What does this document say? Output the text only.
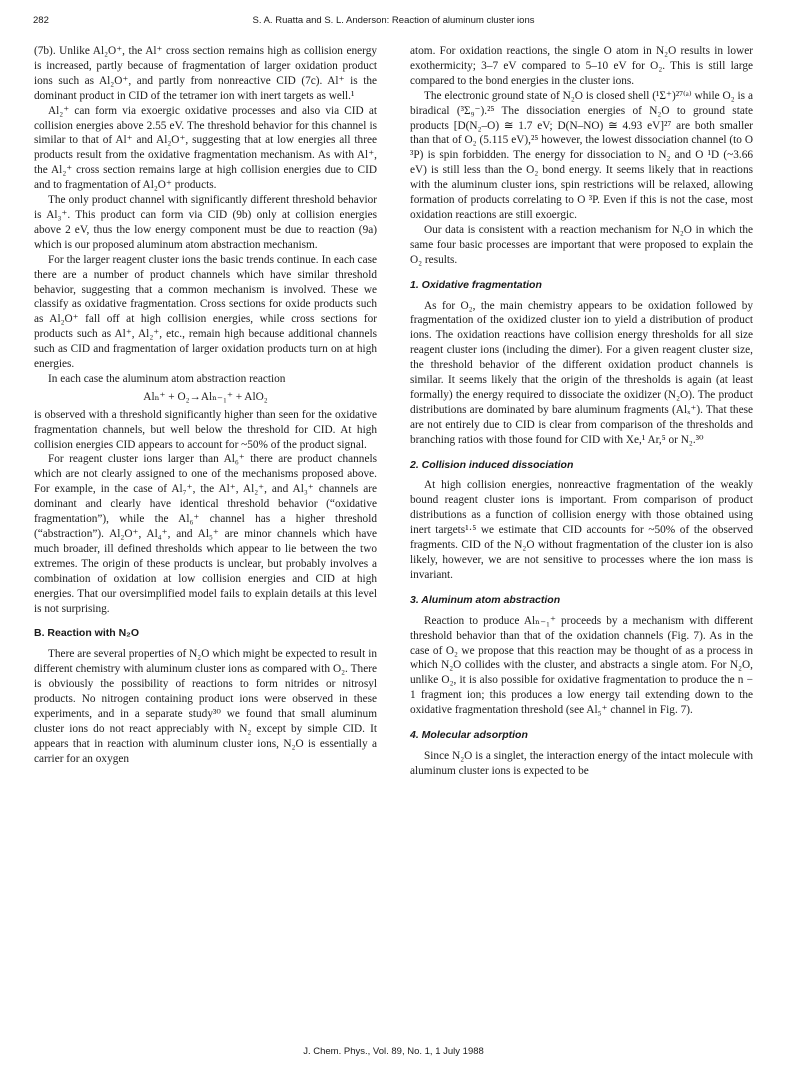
282	S. A. Ruatta and S. L. Anderson: Reaction of aluminum cluster ions

(7b). Unlike Al₂O⁺, the Al⁺ cross section remains high as collision energy is increased, partly because of fragmentation of larger oxidation product ions such as Al₂O⁺, and partly from nonreactive CID (7c). Al⁺ is the dominant product in CID of the tetramer ion with inert targets as well.¹

Al₂⁺ can form via exoergic oxidative processes and also via CID at collision energies above 2.55 eV. The threshold behavior for this channel is similar to that of Al⁺ and Al₂O⁺, suggesting that at low energies all three products result from the oxidative fragmentation mechanism. As with Al⁺, the Al₂⁺ cross section remains large at high collision energies due to CID and to fragmentation of Al₂O⁺ products.

The only product channel with significantly different threshold behavior is Al₃⁺. This product can form via CID (9b) only at collision energies above 2 eV, thus the low energy component must be due to reaction (9a) which is our proposed aluminum atom abstraction mechanism.

For the larger reagent cluster ions the basic trends continue. In each case there are a number of product channels which have similar threshold behavior, suggesting that a common mechanism is involved. These we classify as oxidative fragmentation. Cross sections for oxide products such as Al₂O⁺ fall off at high collision energies, while cross sections for products such as Al⁺, Al₂⁺, etc., remain high because additional channels such as CID and fragmentation of larger oxidation products turn on at high energies.

In each case the aluminum atom abstraction reaction

Alₙ⁺ + O₂→Alₙ₋₁⁺ + AlO₂

is observed with a threshold significantly higher than seen for the oxidative fragmentation channels, but well below the threshold for CID. At high collision energies CID appears to account for ~50% of the product signal.

For reagent cluster ions larger than Al₆⁺ there are product channels which are not clearly assigned to one of the mechanisms proposed above. For example, in the case of Al₇⁺, the Al⁺, Al₂⁺, and Al₃⁺ channels are dominant and clearly have identical threshold behavior (“oxidative fragmentation”), while the Al₆⁺ channel has a higher threshold (“abstraction”). Al₂O⁺, Al₄⁺, and Al₅⁺ are minor channels which have much broader, ill defined thresholds which appear to lie between the two extremes. The origin of these products is unclear, but probably involves a combination of oxidation at low collision energies and CID at high energies. That our oversimplified model fails to explain details at this level is not surprising.

B. Reaction with N₂O

There are several properties of N₂O which might be expected to result in different chemistry with aluminum cluster ions as compared with O₂. There is obviously the possibility of reactions to form nitrides or nitrosyl products. No nitrogen containing product ions were observed in these experiments, and in a separate study³⁰ we found that small aluminum cluster ions do not react appreciably with N₂ except by simple CID. It appears that in reaction with aluminum cluster ions, N₂O is essentially a carrier for an oxygen

atom. For oxidation reactions, the single O atom in N₂O results in lower exothermicity; 3–7 eV compared to 5–10 eV for O₂. This is still large compared to the bond energies in the cluster ions.

The electronic ground state of N₂O is closed shell (¹Σ⁺)²⁷⁽ᵃ⁾ while O₂ is a biradical (³Σ₉⁻).²⁵ The dissociation energies of N₂O to ground state products [D(N₂–O) ≅ 1.7 eV; D(N–NO) ≅ 4.93 eV]²⁷ are both smaller than that of O₂ (5.115 eV),²⁵ however, the lowest dissociation channel (to O ³P) is spin forbidden. The energy for dissociation to N₂ and O ¹D (~3.66 eV) is still less than the O₂ bond energy. It seems likely that in reactions with the aluminum cluster ions, spin restrictions will be relaxed, allowing formation of products correlating to O ³P. Even if this is not the case, most oxidation reactions are still exoergic.

Our data is consistent with a reaction mechanism for N₂O in which the same four basic processes are important that were proposed to explain the O₂ results.

1. Oxidative fragmentation

As for O₂, the main chemistry appears to be oxidation followed by fragmentation of the oxidized cluster ion to yield a distribution of product ions. The oxidation reactions have collision energy thresholds for all size reagent cluster ions (including the dimer). For a given reagent cluster size, the threshold behavior of the different oxidation product channels is similar. It seems likely that the origin of the thresholds is again (at least formally) the energy required to dissociate the oxidizer (N₂O). The product distributions are dominated by bare aluminum fragments (Alₓ⁺). That these are not entirely due to CID is clear from comparison of the thresholds and branching ratios with those found for CID with Xe,¹ Ar,⁵ or N₂.³⁰

2. Collision induced dissociation

At high collision energies, nonreactive fragmentation of the weakly bound reagent cluster ions is important. From comparison of product distributions as a function of collision energy with those obtained using inert targets¹·⁵ we estimate that CID accounts for ~50% of the observed fragments. CID of the N₂O without fragmentation of the cluster ion is also likely, however, we are not sensitive to processes where the ion mass is invariant.

3. Aluminum atom abstraction

Reaction to produce Alₙ₋₁⁺ proceeds by a mechanism with different threshold behavior than that of the oxidation channels (Fig. 7). As in the case of O₂ we propose that this reaction may be thought of as a process in which N₂O collides with the cluster, and abstracts a single atom. For N₂O, unlike O₂, it is also possible for oxidative fragmentation to produce the n − 1 fragment ion; this produces a low energy tail extending down to the oxidative fragmentation threshold (see Al₅⁺ channel in Fig. 7).

4. Molecular adsorption

Since N₂O is a singlet, the interaction energy of the intact molecule with aluminum cluster ions is expected to be

J. Chem. Phys., Vol. 89, No. 1, 1 July 1988
